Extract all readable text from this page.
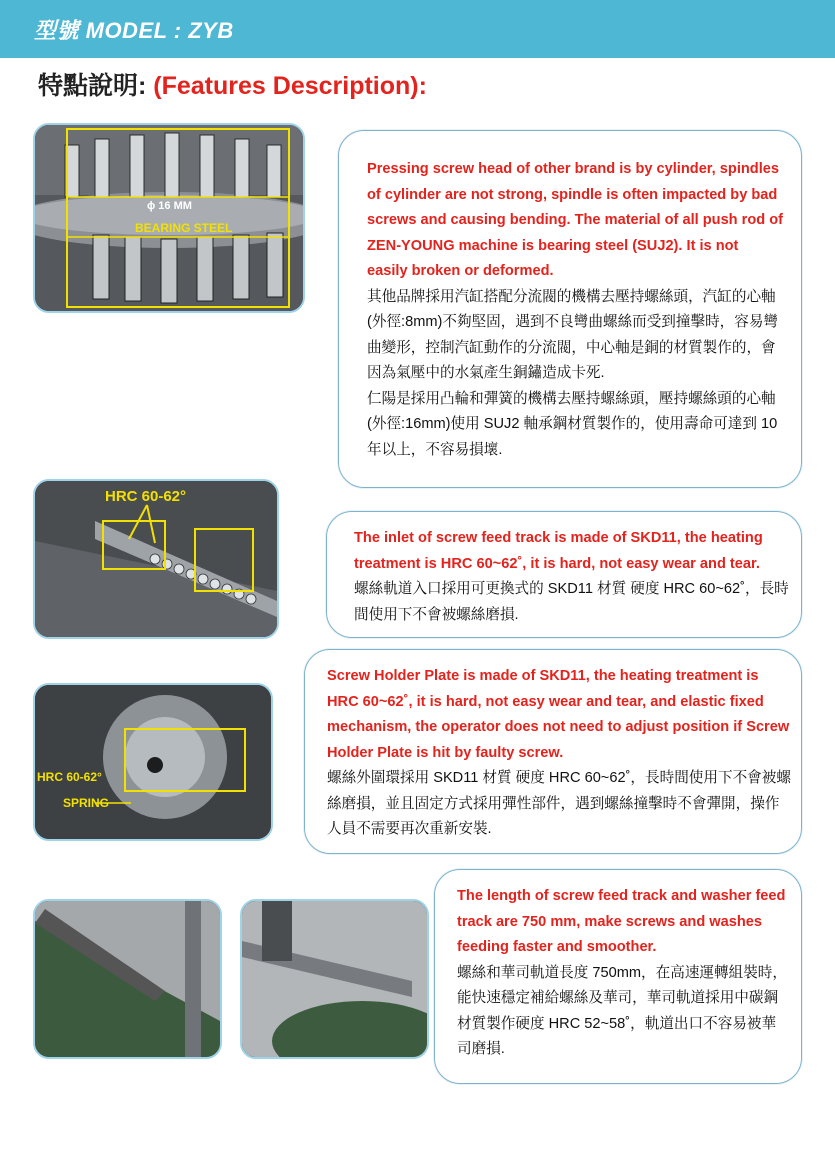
型號 MODEL : ZYB
特點說明: (Features Description):
ϕ 16 MM
BEARING STEEL

Pressing screw head of other brand is by cylinder, spindles of cylinder are not strong, spindle is often impacted by bad screws and causing bending. The material of all push rod of ZEN-YOUNG machine is bearing steel (SUJ2). It is not easily broken or deformed.

其他品牌採用汽缸搭配分流閥的機構去壓持螺絲頭，汽缸的心軸(外徑:8mm)不夠堅固，遇到不良彎曲螺絲而受到撞擊時，容易彎曲變形，控制汽缸動作的分流閥，中心軸是銅的材質製作的，會因為氣壓中的水氣產生銅鏽造成卡死.

仁陽是採用凸輪和彈簧的機構去壓持螺絲頭，壓持螺絲頭的心軸 (外徑:16mm)使用 SUJ2 軸承鋼材質製作的，使用壽命可達到 10 年以上，不容易損壞.

HRC 60-62°

The inlet of screw feed track is made of SKD11, the heating treatment is HRC 60~62˚, it is hard, not easy wear and tear.

螺絲軌道入口採用可更換式的 SKD11 材質 硬度 HRC 60~62˚，長時間使用下不會被螺絲磨損.

HRC 60-62°
SPRING

Screw Holder Plate is made of SKD11, the heating treatment is HRC 60~62˚, it is hard, not easy wear and tear, and elastic fixed mechanism, the operator does not need to adjust position if Screw Holder Plate is hit by faulty screw.

螺絲外圍環採用 SKD11 材質 硬度 HRC 60~62˚，長時間使用下不會被螺絲磨損，並且固定方式採用彈性部件，遇到螺絲撞擊時不會彈開，操作人員不需要再次重新安裝.

The length of screw feed track and washer feed track are 750 mm, make screws and washes feeding faster and smoother.

螺絲和華司軌道長度 750mm，在高速運轉組裝時，能快速穩定補給螺絲及華司，華司軌道採用中碳鋼材質製作硬度 HRC 52~58˚，軌道出口不容易被華司磨損.
